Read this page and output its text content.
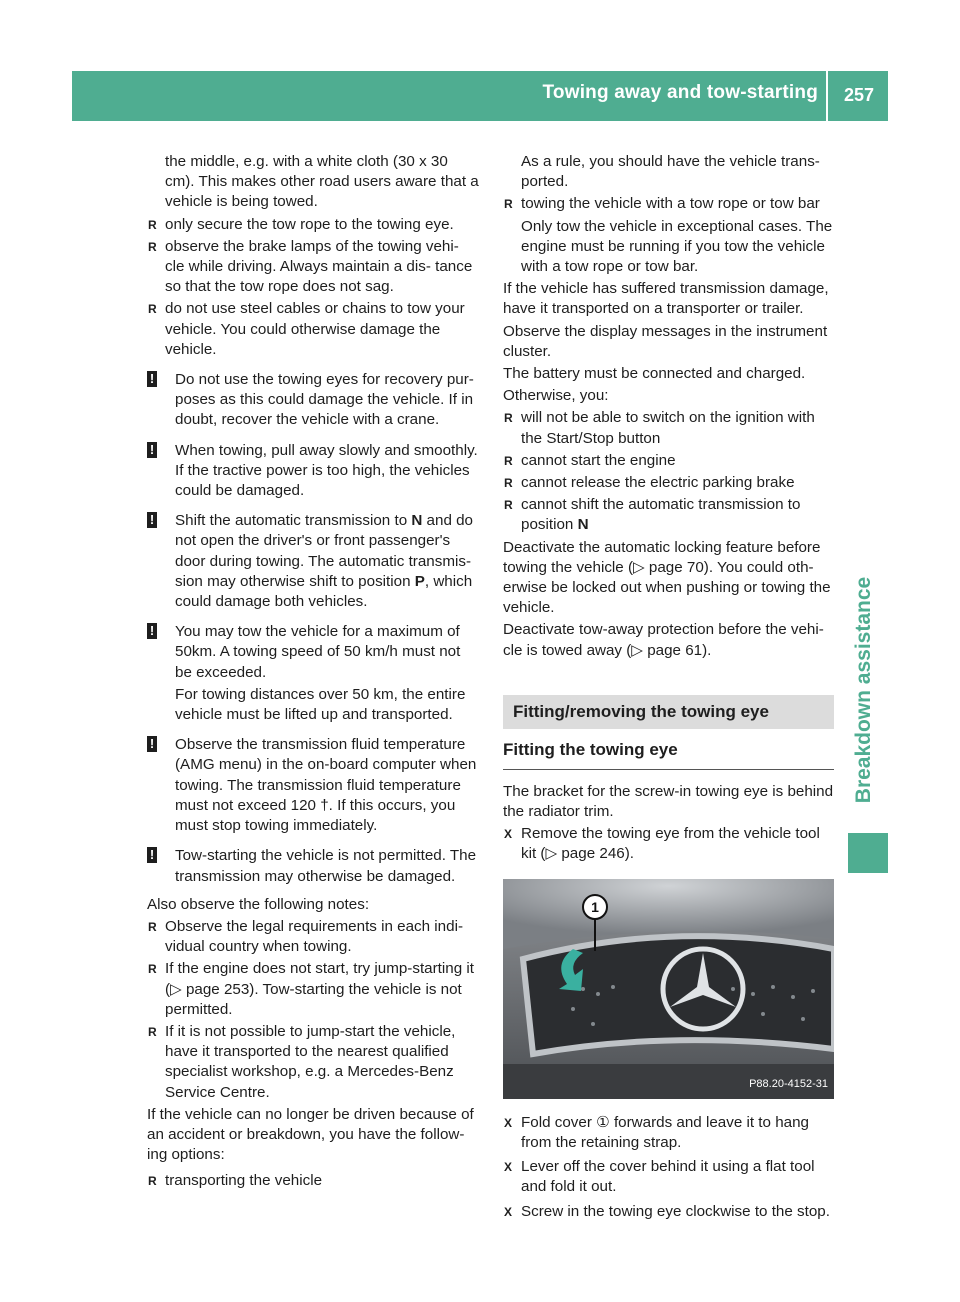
Towing away and tow-starting 257
Breakdown assistance

the middle, e.g. with a white cloth (30 x 30 cm). This makes other road users aware that a vehicle is being towed.

R only secure the tow rope to the towing eye.
R observe the brake lamps of the towing vehi- cle while driving. Always maintain a dis- tance so that the tow rope does not sag.
R do not use steel cables or chains to tow your vehicle. You could otherwise damage the vehicle.
! Do not use the towing eyes for recovery pur- poses as this could damage the vehicle. If in doubt, recover the vehicle with a crane.
! When towing, pull away slowly and smoothly. If the tractive power is too high, the vehicles could be damaged.
! Shift the automatic transmission to N and do not open the driver's or front passenger's door during towing. The automatic transmis- sion may otherwise shift to position P, which could damage both vehicles.
! You may tow the vehicle for a maximum of 50km. A towing speed of 50 km/h must not be exceeded.

For towing distances over 50 km, the entire vehicle must be lifted up and transported.

! Observe the transmission fluid temperature (AMG menu) in the on-board computer when towing. The transmission fluid temperature must not exceed 120 †. If this occurs, you must stop towing immediately.
! Tow-starting the vehicle is not permitted. The transmission may otherwise be damaged.

Also observe the following notes:

R Observe the legal requirements in each indi- vidual country when towing.
R If the engine does not start, try jump-starting it (▷ page 253). Tow-starting the vehicle is not permitted.
R If it is not possible to jump-start the vehicle, have it transported to the nearest qualified specialist workshop, e.g. a Mercedes-Benz Service Centre.

If the vehicle can no longer be driven because of an accident or breakdown, you have the follow- ing options:

R transporting the vehicle

As a rule, you should have the vehicle trans- ported.

R towing the vehicle with a tow rope or tow bar

Only tow the vehicle in exceptional cases. The engine must be running if you tow the vehicle with a tow rope or tow bar.

If the vehicle has suffered transmission damage, have it transported on a transporter or trailer.

Observe the display messages in the instrument cluster.

The battery must be connected and charged.

Otherwise, you:

R will not be able to switch on the ignition with the Start/Stop button
R cannot start the engine
R cannot release the electric parking brake
R cannot shift the automatic transmission to position N

Deactivate the automatic locking feature before towing the vehicle (▷ page 70). You could oth- erwise be locked out when pushing or towing the vehicle.

Deactivate tow-away protection before the vehi- cle is towed away (▷ page 61).

Fitting/removing the towing eye
Fitting the towing eye

The bracket for the screw-in towing eye is behind the radiator trim.

X Remove the towing eye from the vehicle tool kit (▷ page 246).
1
P88.20-4152-31
X Fold cover ① forwards and leave it to hang from the retaining strap.
X Lever off the cover behind it using a flat tool and fold it out.
X Screw in the towing eye clockwise to the stop.
